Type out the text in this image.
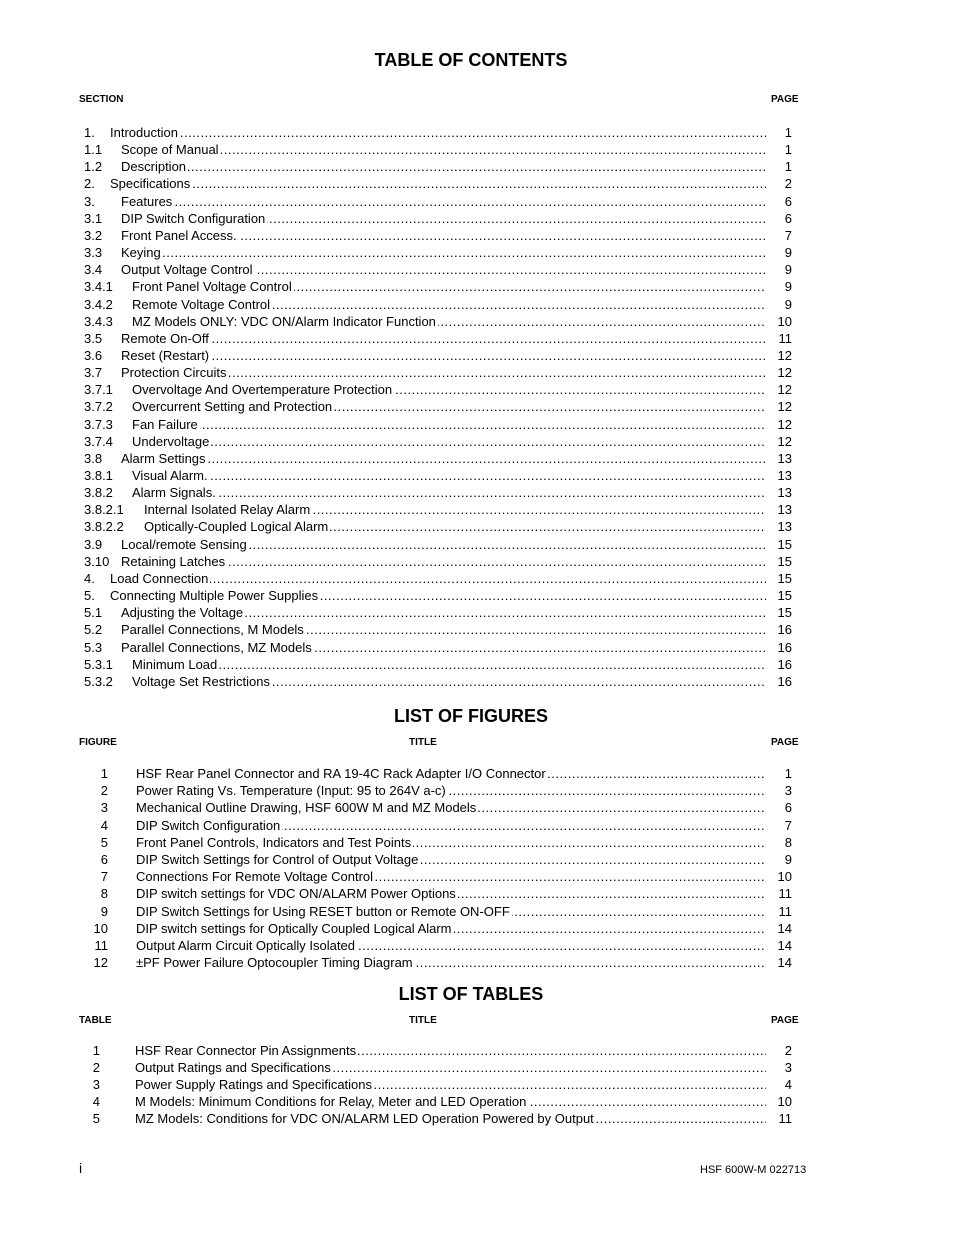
TABLE OF CONTENTS
SECTION	PAGE
1. Introduction .....	1
1.1 Scope of Manual .....	1
1.2 Description .....	1
2. Specifications .....	2
3. Features .....	6
3.1 DIP Switch Configuration .....	6
3.2 Front Panel Access. .....	7
3.3 Keying .....	9
3.4 Output Voltage Control .....	9
3.4.1 Front Panel Voltage Control .....	9
3.4.2 Remote Voltage Control .....	9
3.4.3 MZ Models ONLY: VDC ON/Alarm Indicator Function .....	10
3.5 Remote On-Off .....	11
3.6 Reset (Restart) .....	12
3.7 Protection Circuits .....	12
3.7.1 Overvoltage And Overtemperature Protection .....	12
3.7.2 Overcurrent Setting and Protection .....	12
3.7.3 Fan Failure .....	12
3.7.4 Undervoltage .....	12
3.8 Alarm Settings .....	13
3.8.1 Visual Alarm. .....	13
3.8.2 Alarm Signals. .....	13
3.8.2.1 Internal Isolated Relay Alarm .....	13
3.8.2.2 Optically-Coupled Logical Alarm .....	13
3.9 Local/remote Sensing .....	15
3.10 Retaining Latches .....	15
4. Load Connection .....	15
5. Connecting Multiple Power Supplies .....	15
5.1 Adjusting the Voltage .....	15
5.2 Parallel Connections, M Models .....	16
5.3 Parallel Connections, MZ Models .....	16
5.3.1 Minimum Load .....	16
5.3.2 Voltage Set Restrictions .....	16
LIST OF FIGURES
FIGURE	TITLE	PAGE
1 HSF Rear Panel Connector and RA 19-4C Rack Adapter I/O Connector .....	1
2 Power Rating Vs. Temperature (Input: 95 to 264V a-c) .....	3
3 Mechanical Outline Drawing, HSF 600W M and MZ Models .....	6
4 DIP Switch Configuration .....	7
5 Front Panel Controls, Indicators and Test Points .....	8
6 DIP Switch Settings for Control of Output Voltage .....	9
7 Connections For Remote Voltage Control .....	10
8 DIP switch settings for VDC ON/ALARM Power Options .....	11
9 DIP Switch Settings for Using RESET button or Remote ON-OFF .....	11
10 DIP switch settings for Optically Coupled Logical Alarm .....	14
11 Output Alarm Circuit Optically Isolated .....	14
12 ±PF Power Failure Optocoupler Timing Diagram .....	14
LIST OF TABLES
TABLE	TITLE	PAGE
1	HSF Rear Connector Pin Assignments .....	2
2	Output Ratings and Specifications .....	3
3	Power Supply Ratings and Specifications .....	4
4	M Models: Minimum Conditions for Relay, Meter and LED Operation .....	10
5	MZ Models: Conditions for VDC ON/ALARM LED Operation Powered by Output .....	11
i	HSF 600W-M 022713
